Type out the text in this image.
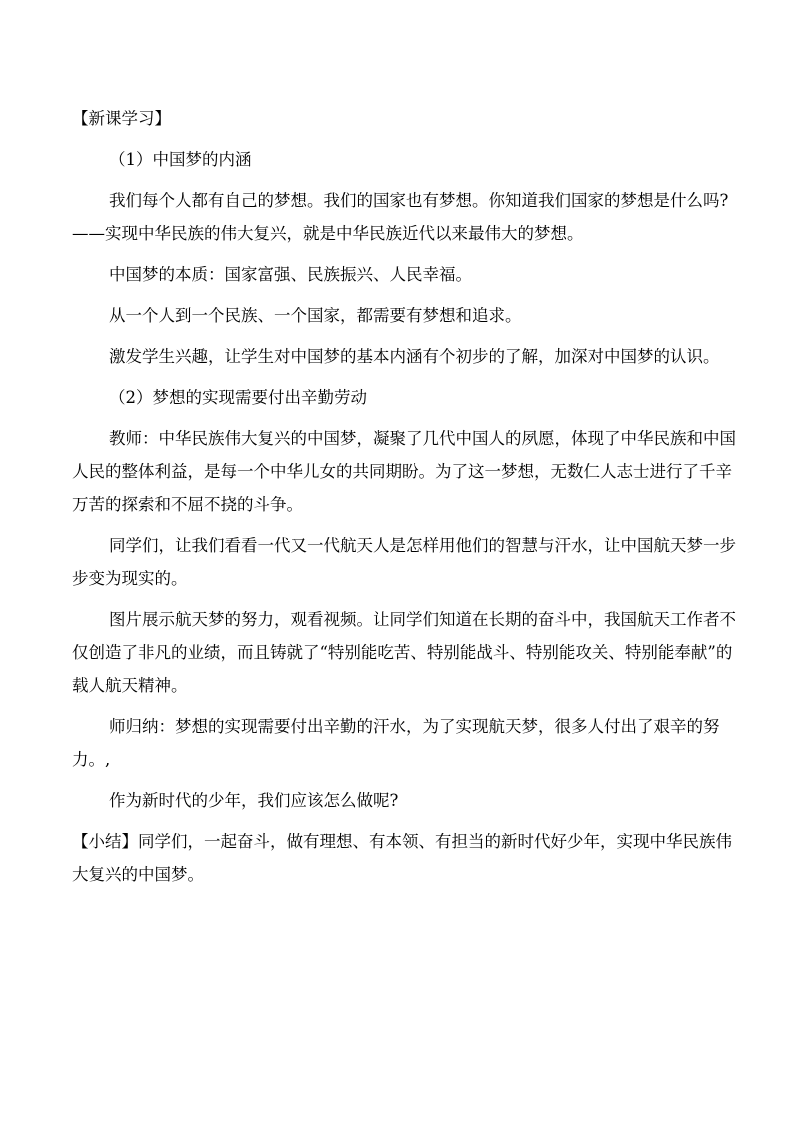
【新课学习】

（1）中国梦的内涵

我们每个人都有自己的梦想。我们的国家也有梦想。你知道我们国家的梦想是什么吗?——实现中华民族的伟大复兴，就是中华民族近代以来最伟大的梦想。

中国梦的本质：国家富强、民族振兴、人民幸福。

从一个人到一个民族、一个国家，都需要有梦想和追求。

激发学生兴趣，让学生对中国梦的基本内涵有个初步的了解，加深对中国梦的认识。

（2）梦想的实现需要付出辛勤劳动

教师：中华民族伟大复兴的中国梦，凝聚了几代中国人的夙愿，体现了中华民族和中国人民的整体利益，是每一个中华儿女的共同期盼。为了这一梦想，无数仁人志士进行了千辛万苦的探索和不屈不挠的斗争。

同学们，让我们看看一代又一代航天人是怎样用他们的智慧与汗水，让中国航天梦一步步变为现实的。

图片展示航天梦的努力，观看视频。让同学们知道在长期的奋斗中，我国航天工作者不仅创造了非凡的业绩，而且铸就了“特别能吃苦、特别能战斗、特别能攻关、特别能奉献”的载人航天精神。

师归纳：梦想的实现需要付出辛勤的汗水，为了实现航天梦，很多人付出了艰辛的努力。,

作为新时代的少年，我们应该怎么做呢?

【小结】同学们，一起奋斗，做有理想、有本领、有担当的新时代好少年，实现中华民族伟大复兴的中国梦。
